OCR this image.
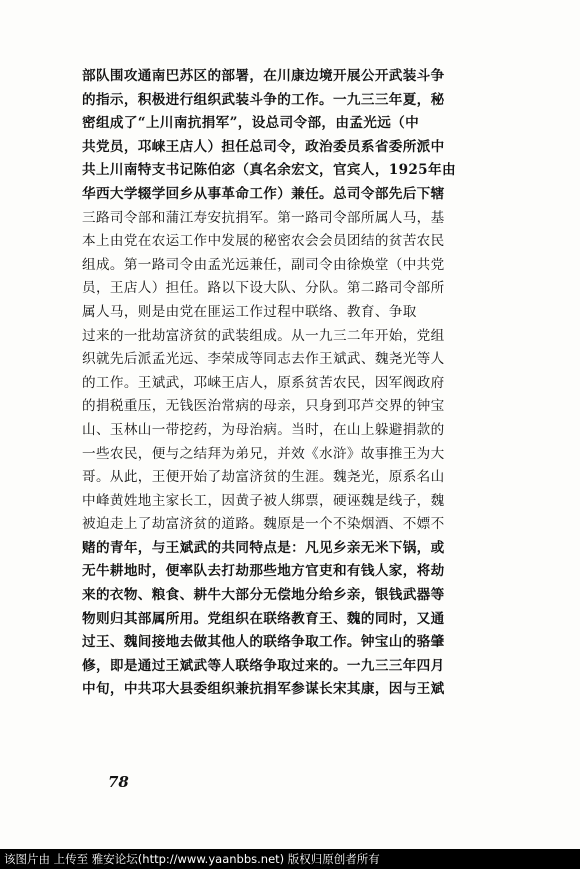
部队围攻通南巴苏区的部署，在川康边境开展公开武装斗争
的指示，积极进行组织武装斗争的工作。一九三三年夏，秘
密组成了“上川南抗捐军”，设总司令部，由孟光远（中
共党员，邛崃王店人）担任总司令，政治委员系省委所派中
共上川南特支书记陈伯宓（真名余宏文，官宾人，1925年由
华西大学辍学回乡从事革命工作）兼任。总司令部先后下辖
三路司令部和蒲江寿安抗捐军。第一路司令部所属人马，基
本上由党在农运工作中发展的秘密农会会员团结的贫苦农民
组成。第一路司令由孟光远兼任，副司令由徐焕堂（中共党
员，王店人）担任。路以下设大队、分队。第二路司令部所
属人马，则是由党在匪运工作过程中联络、教育、争取
过来的一批劫富济贫的武装组成。从一九三二年开始，党组
织就先后派孟光远、李荣成等同志去作王斌武、魏尧光等人
的工作。王斌武，邛崃王店人，原系贫苦农民，因军阀政府
的捐税重压，无钱医治常病的母亲，只身到邛芦交界的钟宝
山、玉林山一带挖药，为母治病。当时，在山上躲避捐款的
一些农民，便与之结拜为弟兄，并效《水浒》故事推王为大
哥。从此，王便开始了劫富济贫的生涯。魏尧光，原系名山
中峰黄姓地主家长工，因黄子被人绑票，硬诬魏是线子，魏
被迫走上了劫富济贫的道路。魏原是一个不染烟酒、不嫖不
赌的青年，与王斌武的共同特点是：凡见乡亲无米下锅，或
无牛耕地时，便率队去打劫那些地方官吏和有钱人家，将劫
来的衣物、粮食、耕牛大部分无偿地分给乡亲，银钱武器等
物则归其部属所用。党组织在联络教育王、魏的同时，又通
过王、魏间接地去做其他人的联络争取工作。钟宝山的骆肇
修，即是通过王斌武等人联络争取过来的。一九三三年四月
中旬，中共邛大县委组织兼抗捐军参谋长宋其康，因与王斌
78
该图片由 上传至 雅安论坛(http://www.yaanbbs.net) 版权归原创者所有
